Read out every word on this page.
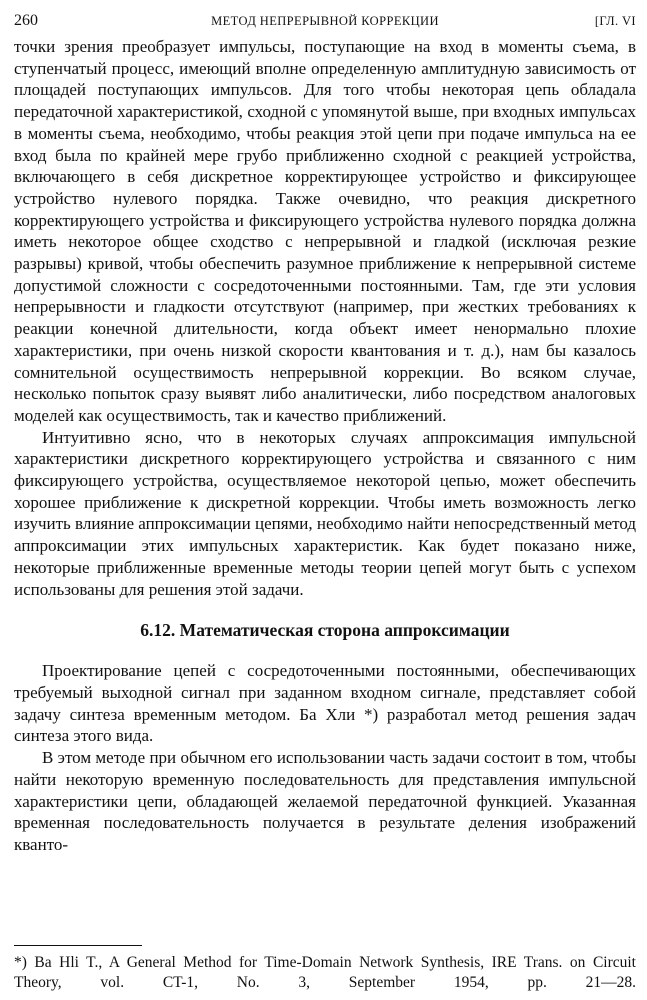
260	МЕТОД НЕПРЕРЫВНОЙ КОРРЕКЦИИ	[ГЛ. VI

точки зрения преобразует импульсы, поступающие на вход в моменты съема, в ступенчатый процесс, имеющий вполне определенную амплитудную зависимость от площадей поступающих импульсов. Для того чтобы некоторая цепь обладала передаточной характеристикой, сходной с упомянутой выше, при входных импульсах в моменты съема, необходимо, чтобы реакция этой цепи при подаче импульса на ее вход была по крайней мере грубо приближенно сходной с реакцией устройства, включающего в себя дискретное корректирующее устройство и фиксирующее устройство нулевого порядка. Также очевидно, что реакция дискретного корректирующего устройства и фиксирующего устройства нулевого порядка должна иметь некоторое общее сходство с непрерывной и гладкой (исключая резкие разрывы) кривой, чтобы обеспечить разумное приближение к непрерывной системе допустимой сложности с сосредоточенными постоянными. Там, где эти условия непрерывности и гладкости отсутствуют (например, при жестких требованиях к реакции конечной длительности, когда объект имеет ненормально плохие характеристики, при очень низкой скорости квантования и т. д.), нам бы казалось сомнительной осуществимость непрерывной коррекции. Во всяком случае, несколько попыток сразу выявят либо аналитически, либо посредством аналоговых моделей как осуществимость, так и качество приближений.

Интуитивно ясно, что в некоторых случаях аппроксимация импульсной характеристики дискретного корректирующего устройства и связанного с ним фиксирующего устройства, осуществляемое некоторой цепью, может обеспечить хорошее приближение к дискретной коррекции. Чтобы иметь возможность легко изучить влияние аппроксимации цепями, необходимо найти непосредственный метод аппроксимации этих импульсных характеристик. Как будет показано ниже, некоторые приближенные временные методы теории цепей могут быть с успехом использованы для решения этой задачи.

6.12. Математическая сторона аппроксимации

Проектирование цепей с сосредоточенными постоянными, обеспечивающих требуемый выходной сигнал при заданном входном сигнале, представляет собой задачу синтеза временным методом. Ба Хли *) разработал метод решения задач синтеза этого вида.

В этом методе при обычном его использовании часть задачи состоит в том, чтобы найти некоторую временную последовательность для представления импульсной характеристики цепи, обладающей желаемой передаточной функцией. Указанная временная последовательность получается в результате деления изображений кванто-

*) Ba Hli T., A General Method for Time-Domain Network Synthesis, IRE Trans. on Circuit Theory, vol. CT-1, No. 3, September 1954, pp. 21—28.
